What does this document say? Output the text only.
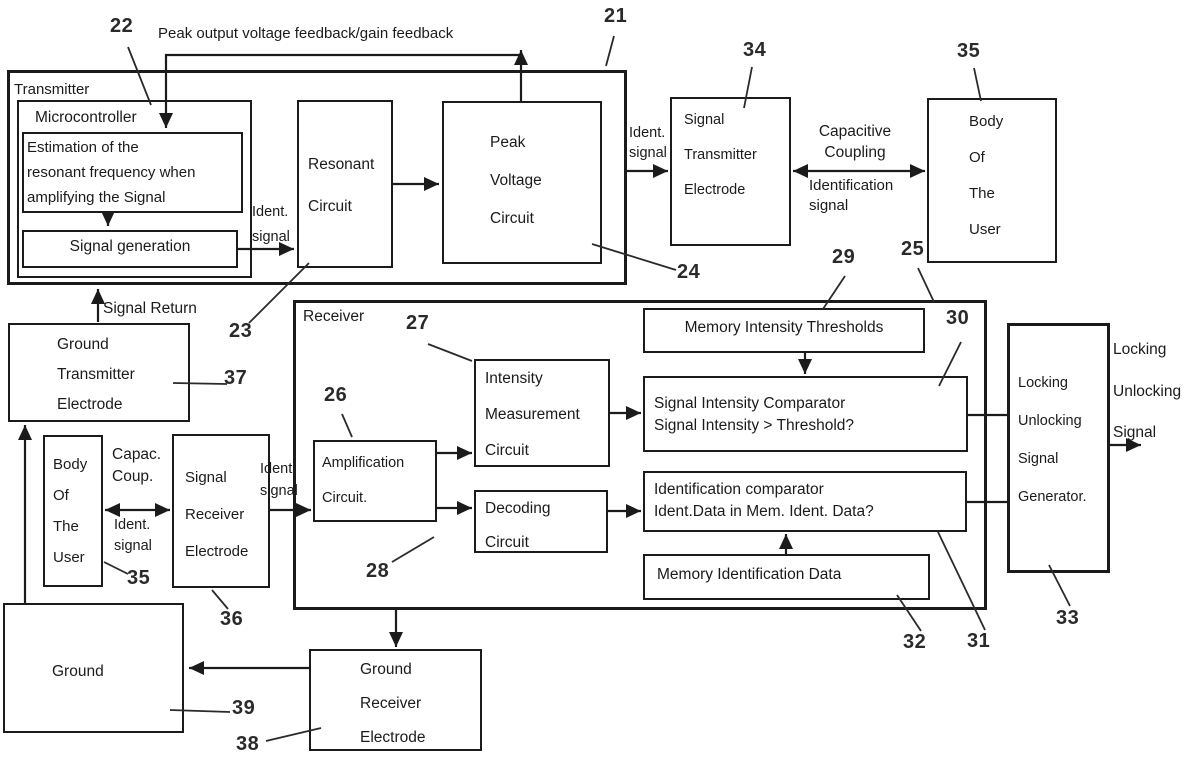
Transmitter
Microcontroller
Receiver
Estimation of the
resonant frequency when
amplifying the Signal
Signal generation
Resonant
Circuit
Peak
Voltage
Circuit
Signal
Transmitter
Electrode
Body
Of
The
User
Memory Intensity Thresholds
Signal Intensity Comparator
Signal Intensity > Threshold?
Intensity
Measurement
Circuit
Amplification
Circuit.
Decoding
Circuit
Identification comparator
Ident.Data in Mem. Ident. Data?
Memory Identification Data
Locking
Unlocking
Signal
Generator.
Ground
Transmitter
Electrode
Body
Of
The
User
Signal
Receiver
Electrode
Ground	Ground
Receiver
Electrode
Peak output voltage feedback/gain feedback
Ident.
signal
Ident.
signal
Capacitive
Coupling
Identification
signal
Signal Return
Capac.
Coup.
Ident.
signal
Ident.
signal
Locking
Unlocking
Signal
21
22
23
24
25
26
27
28
29
30
31
32
33
34	35
35
36
37
38
39
